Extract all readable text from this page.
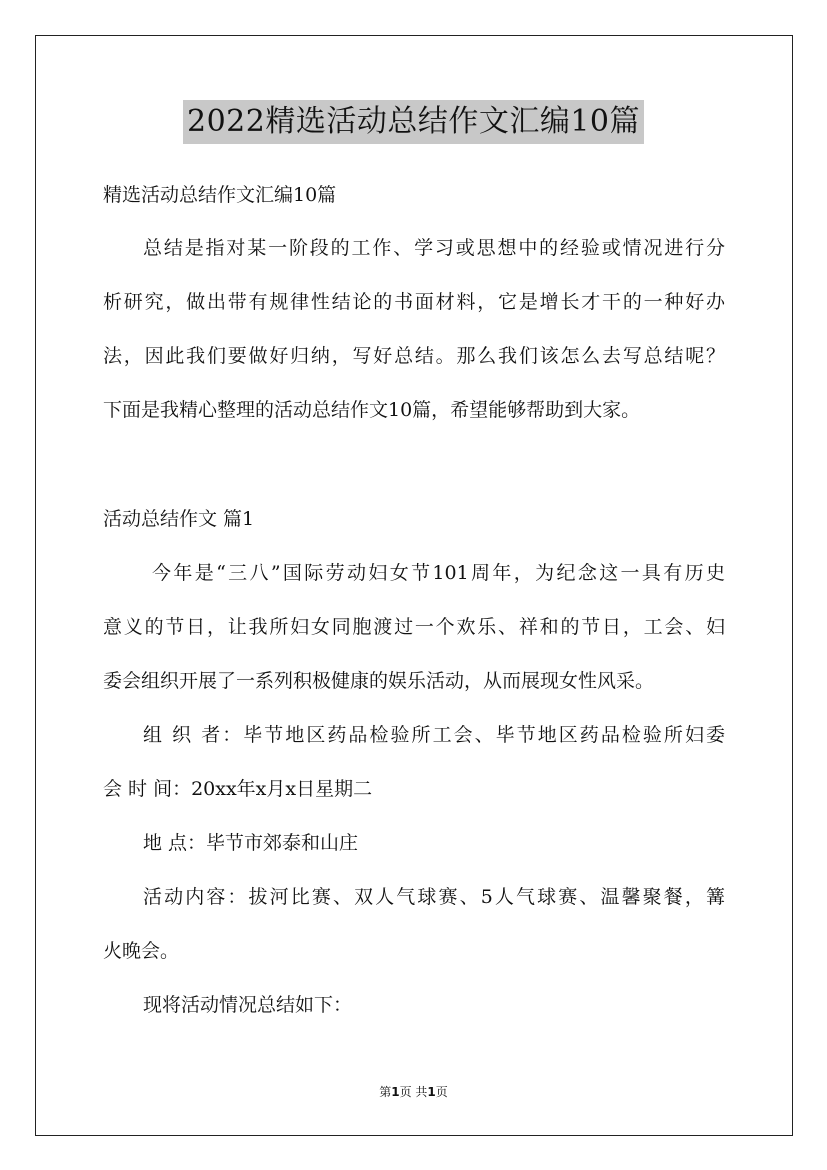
2022精选活动总结作文汇编10篇
精选活动总结作文汇编10篇
总结是指对某一阶段的工作、学习或思想中的经验或情况进行分
析研究，做出带有规律性结论的书面材料，它是增长才干的一种好办
法，因此我们要做好归纳，写好总结。那么我们该怎么去写总结呢？
下面是我精心整理的活动总结作文10篇，希望能够帮助到大家。
活动总结作文 篇1
今年是“三八”国际劳动妇女节101周年，为纪念这一具有历史
意义的节日，让我所妇女同胞渡过一个欢乐、祥和的节日，工会、妇
委会组织开展了一系列积极健康的娱乐活动，从而展现女性风采。
组 织 者：毕节地区药品检验所工会、毕节地区药品检验所妇委
会 时 间：20xx年x月x日星期二
地 点：毕节市郊泰和山庄
活动内容：拔河比赛、双人气球赛、5人气球赛、温馨聚餐，篝
火晚会。
现将活动情况总结如下：
第1页 共1页
